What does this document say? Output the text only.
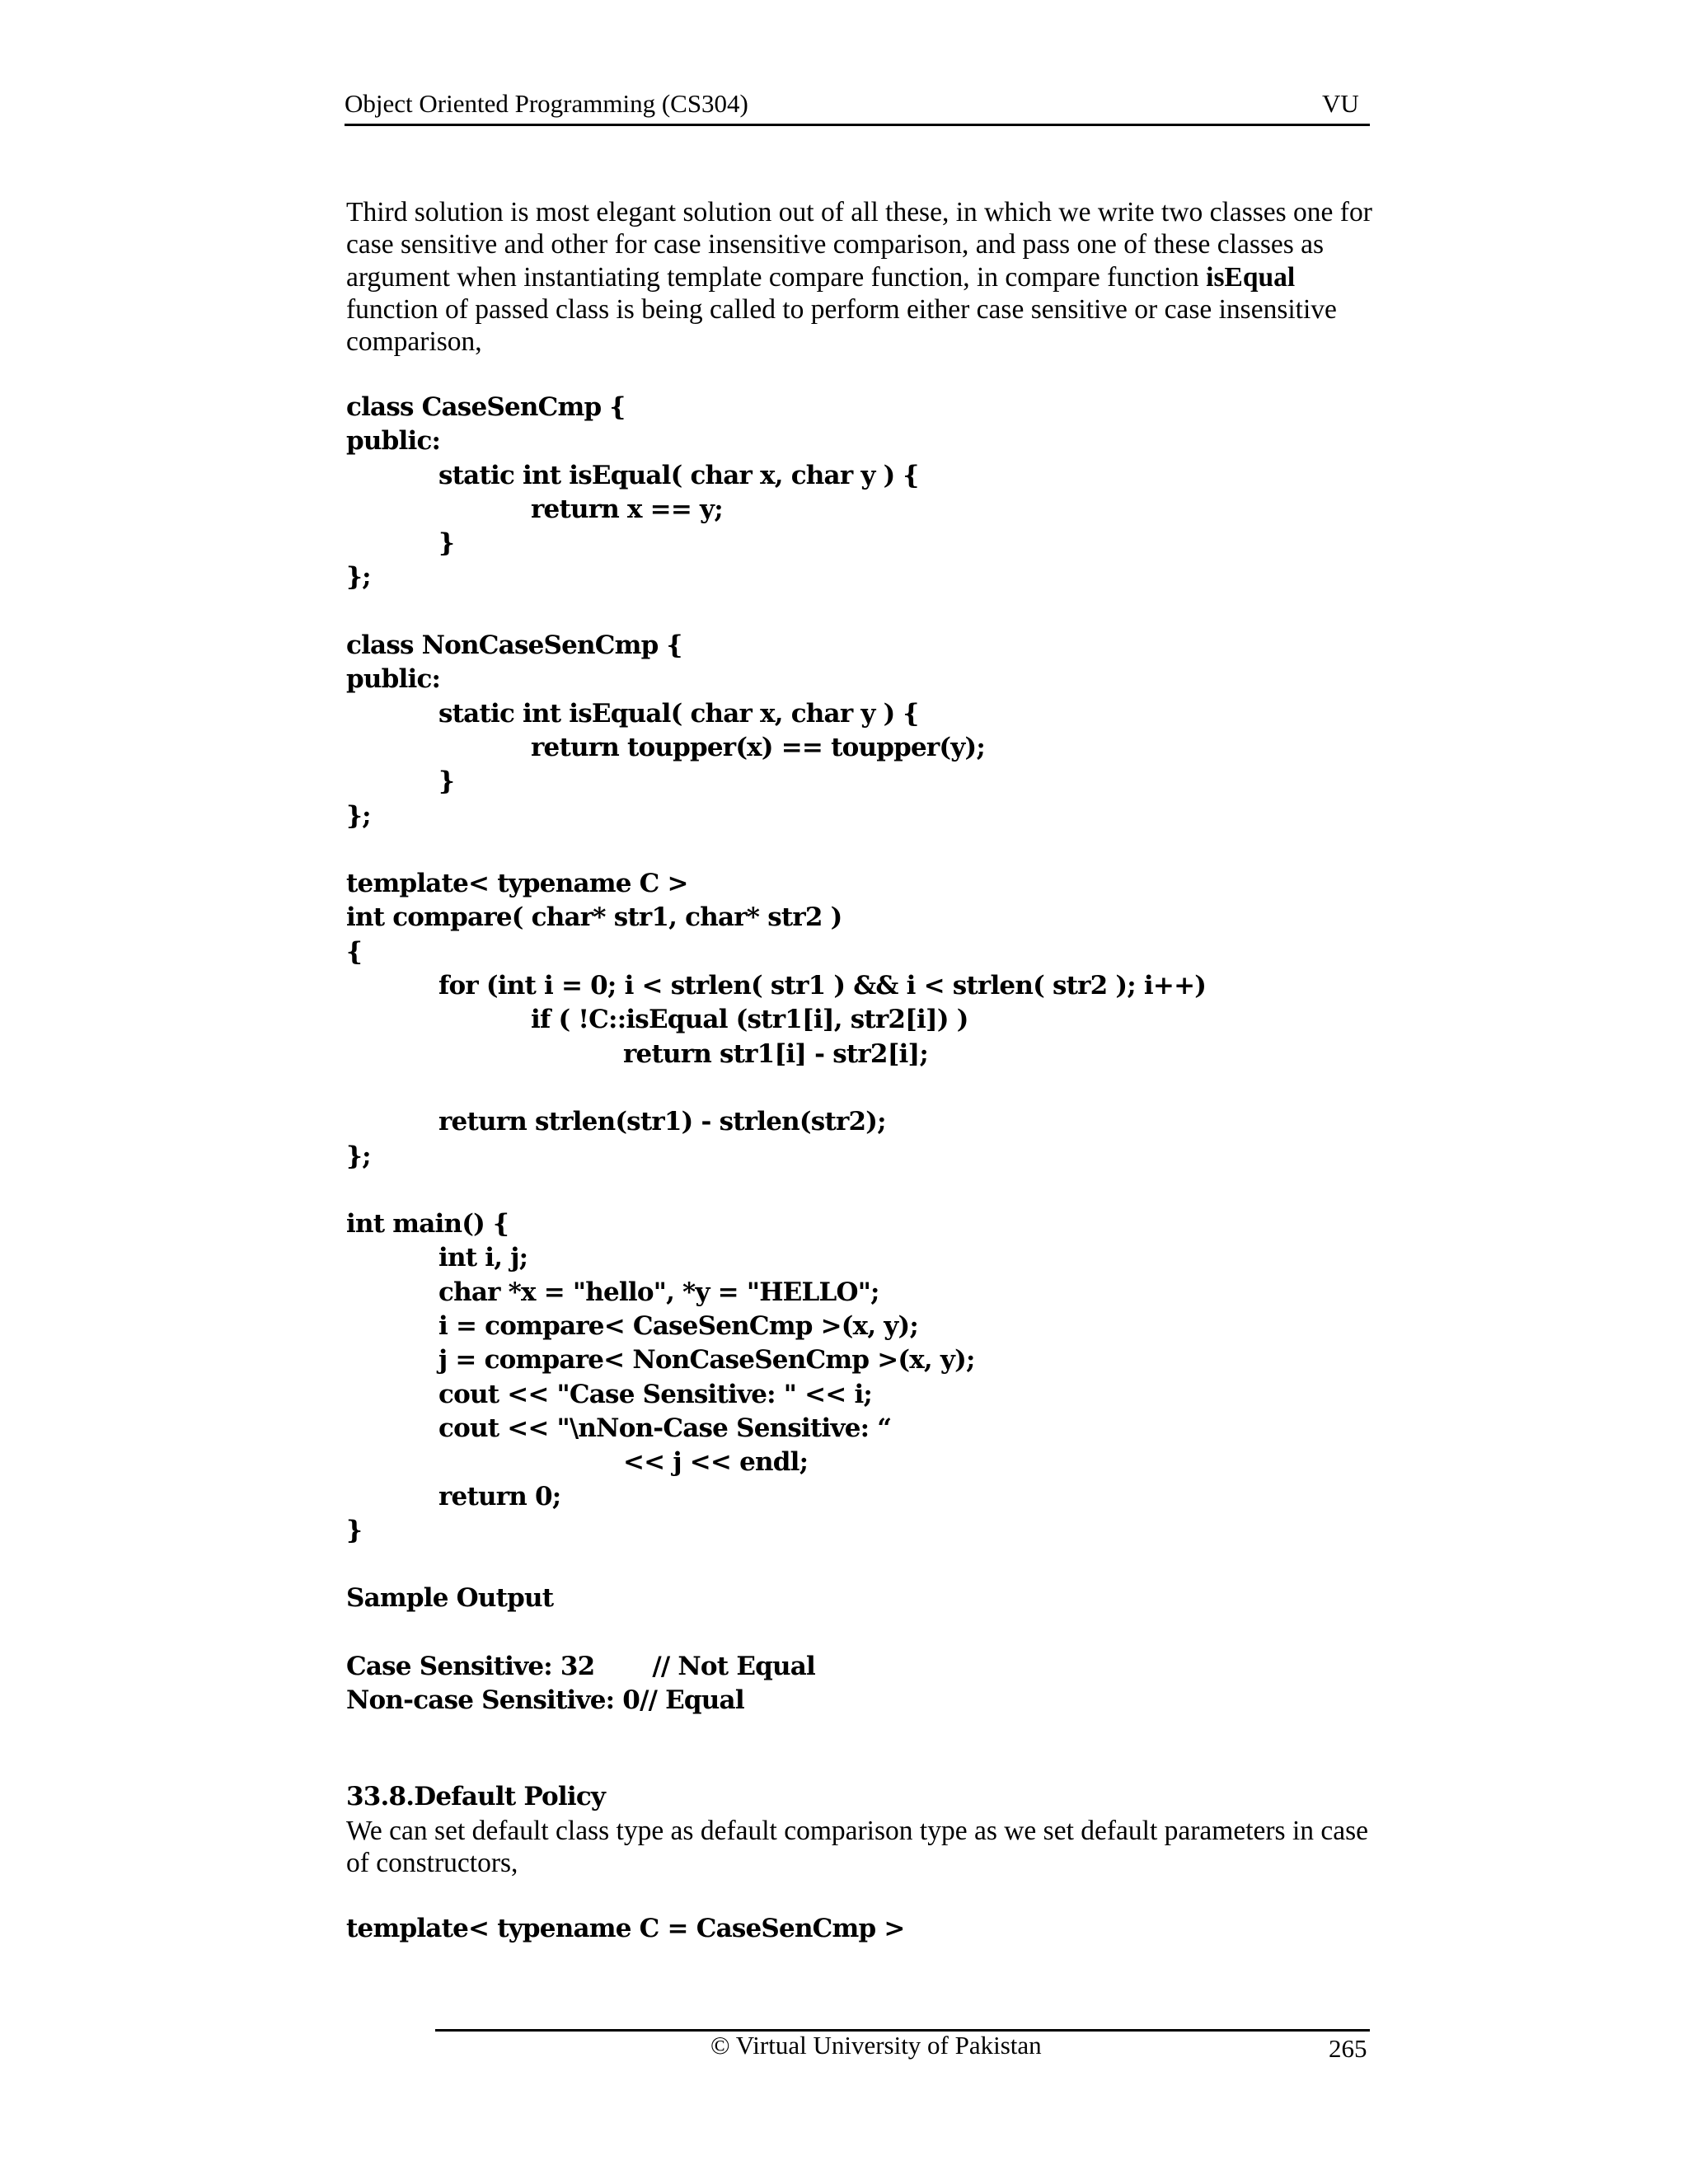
Object Oriented Programming (CS304)	VU
Third solution is most elegant solution out of all these, in which we write two classes one for
case sensitive and other for case insensitive comparison, and pass one of these classes as
argument when instantiating template compare function, in compare function isEqual
function of passed class is being called to perform either case sensitive or case insensitive
comparison,
class CaseSenCmp {
public:
static int isEqual( char x, char y ) {
return x == y;
}
};
class NonCaseSenCmp {
public:
static int isEqual( char x, char y ) {
return toupper(x) == toupper(y);
}
};
template< typename C >
int compare( char* str1, char* str2 )
{
for (int i = 0; i < strlen( str1 ) && i < strlen( str2 ); i++)
if ( !C::isEqual (str1[i], str2[i]) )
return str1[i] - str2[i];
return strlen(str1) - strlen(str2);
};
int main() {
int i, j;
char *x = "hello", *y = "HELLO";
i = compare< CaseSenCmp >(x, y);
j = compare< NonCaseSenCmp >(x, y);
cout << "Case Sensitive: " << i;
cout << "\nNon-Case Sensitive: “
<< j << endl;
return 0;
}
Sample Output
Case Sensitive: 32       // Not Equal
Non-case Sensitive: 0// Equal
33.8.Default Policy
We can set default class type as default comparison type as we set default parameters in case
of constructors,
template< typename C = CaseSenCmp >
© Virtual University of Pakistan	265
